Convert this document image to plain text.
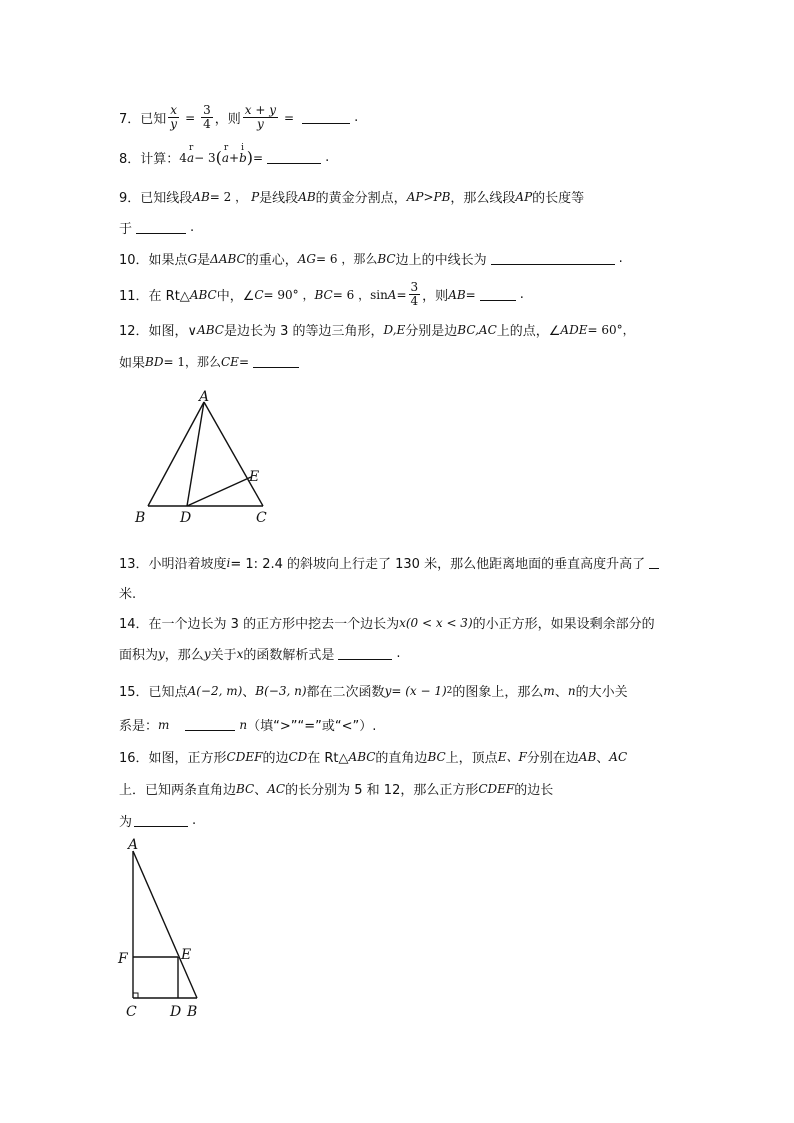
7． 已知 $\frac{x}{y} = \frac{3}{4}$ ，则 $\frac{x + y}{y}$ =	.
8． 计算： 4
r
a − 3 (
r
a +
i
b ) =	.
9．已知线段 AB = 2 ， P 是线段 AB 的黄金分割点， AP > PB ，那么线段 AP 的长度等
于	.
10．如果点 G 是 ΔABC 的重心， AG = 6 ，那么 BC 边上的中线长为	.
11．在 Rt△ ABC 中，∠ C = 90° ， BC = 6 ，$\sin A = \frac{3}{4}$ ，则 AB =	.
12．如图，∨ ABC 是边长为 3 的等边三角形， D,E 分别是边 BC,AC 上的点，∠ ADE = 60°，
如果 BD = 1，那么 CE =
A
B D	C
E
13．小明沿着坡度 i = 1: 2.4 的斜坡向上行走了 130 米，那么他距离地面的垂直高度升高了
米.
14．在一个边长为 3 的正方形中挖去一个边长为 x (0 < x < 3) 的小正方形，如果设剩余部分的
面积为 y ，那么 y 关于 x 的函数解析式是	.
15．已知点 A (−2, m) 、 B (−3, n) 都在二次函数 y = (x − 1) 2 的图象上，那么 m 、 n 的大小关
系是： m	n （填“>”“=”或“<”）.
16．如图，正方形 CDEF 的边 CD 在 Rt△ ABC 的直角边 BC 上，顶点 E、F 分别在边 AB 、 AC
上．已知两条直角边 BC 、 AC 的长分别为 5 和 12，那么正方形 CDEF 的边长
为	.
A
F	E
C D B
